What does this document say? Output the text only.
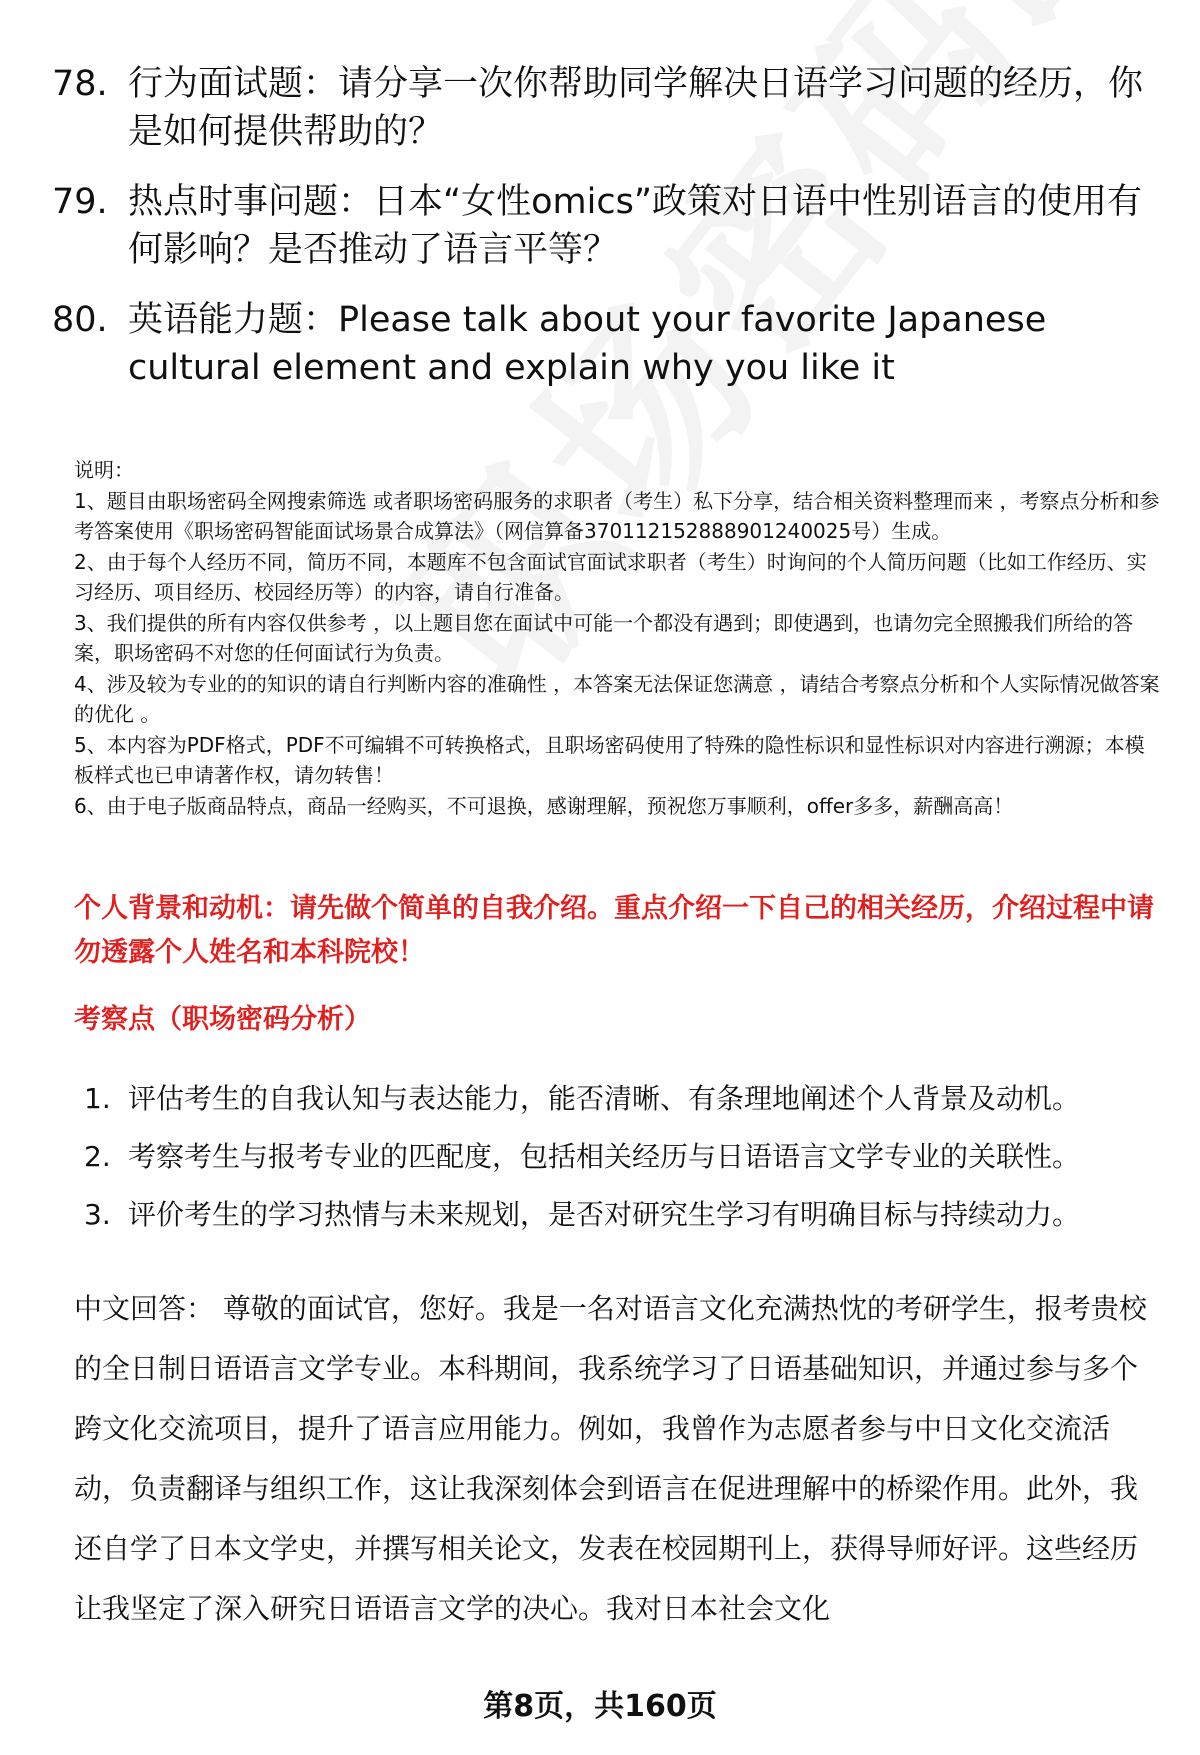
78. 行为面试题：请分享一次你帮助同学解决日语学习问题的经历，你是如何提供帮助的？
79. 热点时事问题：日本“女性omics”政策对日语中性别语言的使用有何影响？是否推动了语言平等？
80. 英语能力题：Please talk about your favorite Japanese cultural element and explain why you like it

说明：

1、题目由职场密码全网搜索筛选 或者职场密码服务的求职者（考生）私下分享，结合相关资料整理而来 ，考察点分析和参考答案使用《职场密码智能面试场景合成算法》（网信算备370112152888901240025号）生成。

2、由于每个人经历不同，简历不同，本题库不包含面试官面试求职者（考生）时询问的个人简历问题（比如工作经历、实习经历、项目经历、校园经历等）的内容，请自行准备。

3、我们提供的所有内容仅供参考 ，以上题目您在面试中可能一个都没有遇到；即使遇到，也请勿完全照搬我们所给的答案，职场密码不对您的任何面试行为负责。

4、涉及较为专业的的知识的请自行判断内容的准确性 ，本答案无法保证您满意 ，请结合考察点分析和个人实际情况做答案的优化 。

5、本内容为PDF格式，PDF不可编辑不可转换格式，且职场密码使用了特殊的隐性标识和显性标识对内容进行溯源；本模板样式也已申请著作权，请勿转售！

6、由于电子版商品特点，商品一经购买，不可退换，感谢理解，预祝您万事顺利，offer多多，薪酬高高！

个人背景和动机：请先做个简单的自我介绍。重点介绍一下自己的相关经历，介绍过程中请勿透露个人姓名和本科院校！
考察点（职场密码分析）
1. 评估考生的自我认知与表达能力，能否清晰、有条理地阐述个人背景及动机。
2. 考察考生与报考专业的匹配度，包括相关经历与日语语言文学专业的关联性。
3. 评价考生的学习热情与未来规划，是否对研究生学习有明确目标与持续动力。
中文回答： 尊敬的面试官，您好。我是一名对语言文化充满热忱的考研学生，报考贵校的全日制日语语言文学专业。本科期间，我系统学习了日语基础知识，并通过参与多个跨文化交流项目，提升了语言应用能力。例如，我曾作为志愿者参与中日文化交流活动，负责翻译与组织工作，这让我深刻体会到语言在促进理解中的桥梁作用。此外，我还自学了日本文学史，并撰写相关论文，发表在校园期刊上，获得导师好评。这些经历让我坚定了深入研究日语语言文学的决心。我对日本社会文化
第8页，共160页
